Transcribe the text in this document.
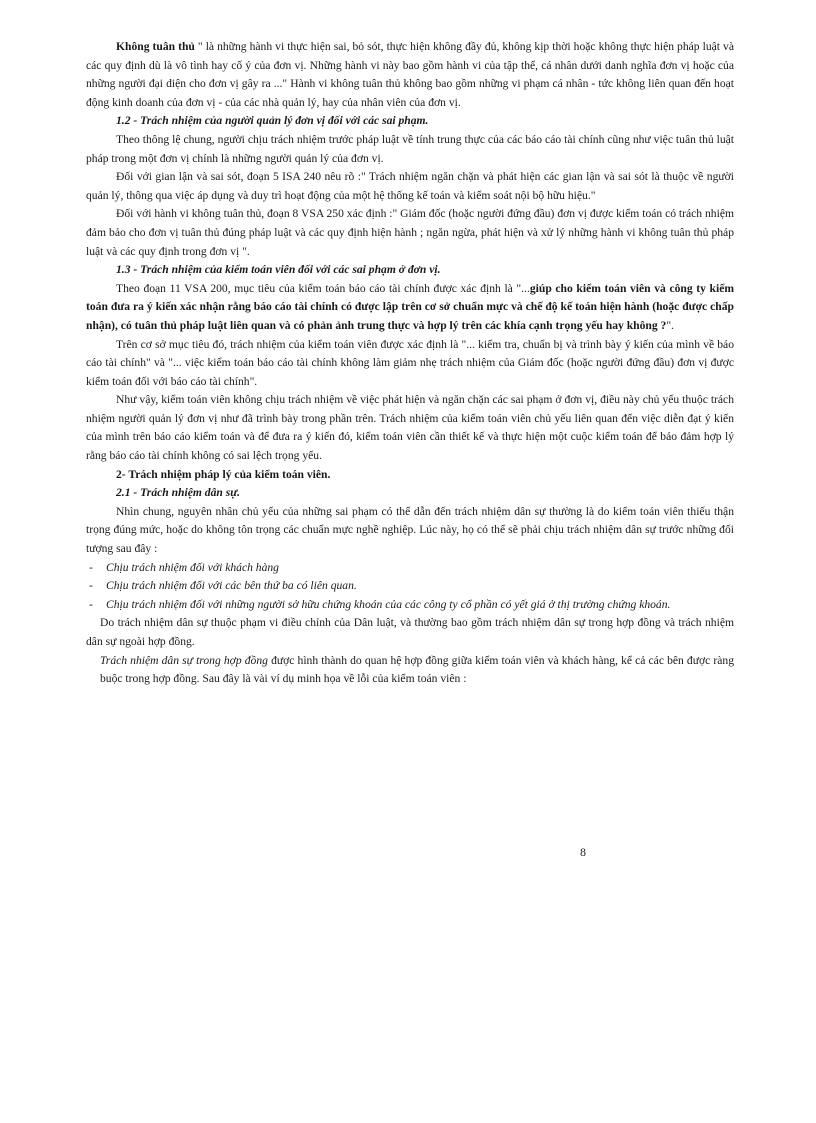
Không tuân thủ " là những hành vi thực hiện sai, bỏ sót, thực hiện không đầy đủ, không kịp thời hoặc không thực hiện pháp luật và các quy định dù là vô tình hay cố ý của đơn vị. Những hành vi này bao gồm hành vi của tập thể, cá nhân dưới danh nghĩa đơn vị hoặc của những người đại diện cho đơn vị gây ra ..." Hành vi không tuân thủ không bao gồm những vi phạm cá nhân - tức không liên quan đến hoạt động kinh doanh của đơn vị - của các nhà quản lý, hay của nhân viên của đơn vị.

1.2 - Trách nhiệm của người quản lý đơn vị đối với các sai phạm.

Theo thông lệ chung, người chịu trách nhiệm trước pháp luật về tính trung thực của các báo cáo tài chính cũng như việc tuân thủ luật pháp trong một đơn vị chính là những người quản lý của đơn vị.

Đối với gian lận và sai sót, đoạn 5 ISA 240 nêu rõ :" Trách nhiệm ngăn chặn và phát hiện các gian lận và sai sót là thuộc về người quản lý, thông qua việc áp dụng và duy trì hoạt động của một hệ thống kế toán và kiểm soát nội bộ hữu hiệu."

Đối với hành vi không tuân thủ, đoạn 8 VSA 250 xác định :" Giám đốc (hoặc người đứng đầu) đơn vị được kiểm toán có trách nhiệm đảm bảo cho đơn vị tuân thủ đúng pháp luật và các quy định hiện hành ; ngăn ngừa, phát hiện và xử lý những hành vi không tuân thủ pháp luật và các quy định trong đơn vị ".

1.3 - Trách nhiệm của kiểm toán viên đối với các sai phạm ở đơn vị.

Theo đoạn 11 VSA 200, mục tiêu của kiểm toán báo cáo tài chính được xác định là "...giúp cho kiểm toán viên và công ty kiểm toán đưa ra ý kiến xác nhận rằng báo cáo tài chính có được lập trên cơ sở chuẩn mực và chế độ kế toán hiện hành (hoặc được chấp nhận), có tuân thủ pháp luật liên quan và có phản ảnh trung thực và hợp lý trên các khía cạnh trọng yếu hay không ?".

Trên cơ sở mục tiêu đó, trách nhiệm của kiểm toán viên được xác định là "... kiểm tra, chuẩn bị và trình bày ý kiến của mình về báo cáo tài chính" và "... việc kiểm toán báo cáo tài chính không làm giảm nhẹ trách nhiệm của Giám đốc (hoặc người đứng đầu) đơn vị được kiểm toán đối với báo cáo tài chính".

Như vậy, kiểm toán viên không chịu trách nhiệm về việc phát hiện và ngăn chặn các sai phạm ở đơn vị, điều này chủ yếu thuộc trách nhiệm người quản lý đơn vị như đã trình bày trong phần trên. Trách nhiệm của kiểm toán viên chủ yếu liên quan đến việc diễn đạt ý kiến của mình trên báo cáo kiểm toán và để đưa ra ý kiến đó, kiểm toán viên cần thiết kế và thực hiện một cuộc kiểm toán để bảo đảm hợp lý rằng báo cáo tài chính không có sai lệch trọng yếu.

2- Trách nhiệm pháp lý của kiểm toán viên.

2.1 - Trách nhiệm dân sự.

Nhìn chung, nguyên nhân chủ yếu của những sai phạm có thể dẫn đến trách nhiệm dân sự thường là do kiểm toán viên thiếu thận trọng đúng mức, hoặc do không tôn trọng các chuẩn mực nghề nghiệp. Lúc này, họ có thể sẽ phải chịu trách nhiệm dân sự trước những đối tượng sau đây :

- Chịu trách nhiệm đối với khách hàng
- Chịu trách nhiệm đối với các bên thứ ba có liên quan.
- Chịu trách nhiệm đối với những người sở hữu chứng khoán của các công ty cổ phần có yết giá ở thị trường chứng khoán.

Do trách nhiệm dân sự thuộc phạm vi điều chỉnh của Dân luật, và thường bao gồm trách nhiệm dân sự trong hợp đồng và trách nhiệm dân sự ngoài hợp đồng.

Trách nhiệm dân sự trong hợp đồng được hình thành do quan hệ hợp đồng giữa kiểm toán viên và khách hàng, kể cả các bên được ràng buộc trong hợp đồng. Sau đây là vài ví dụ minh họa về lỗi của kiểm toán viên :

8
